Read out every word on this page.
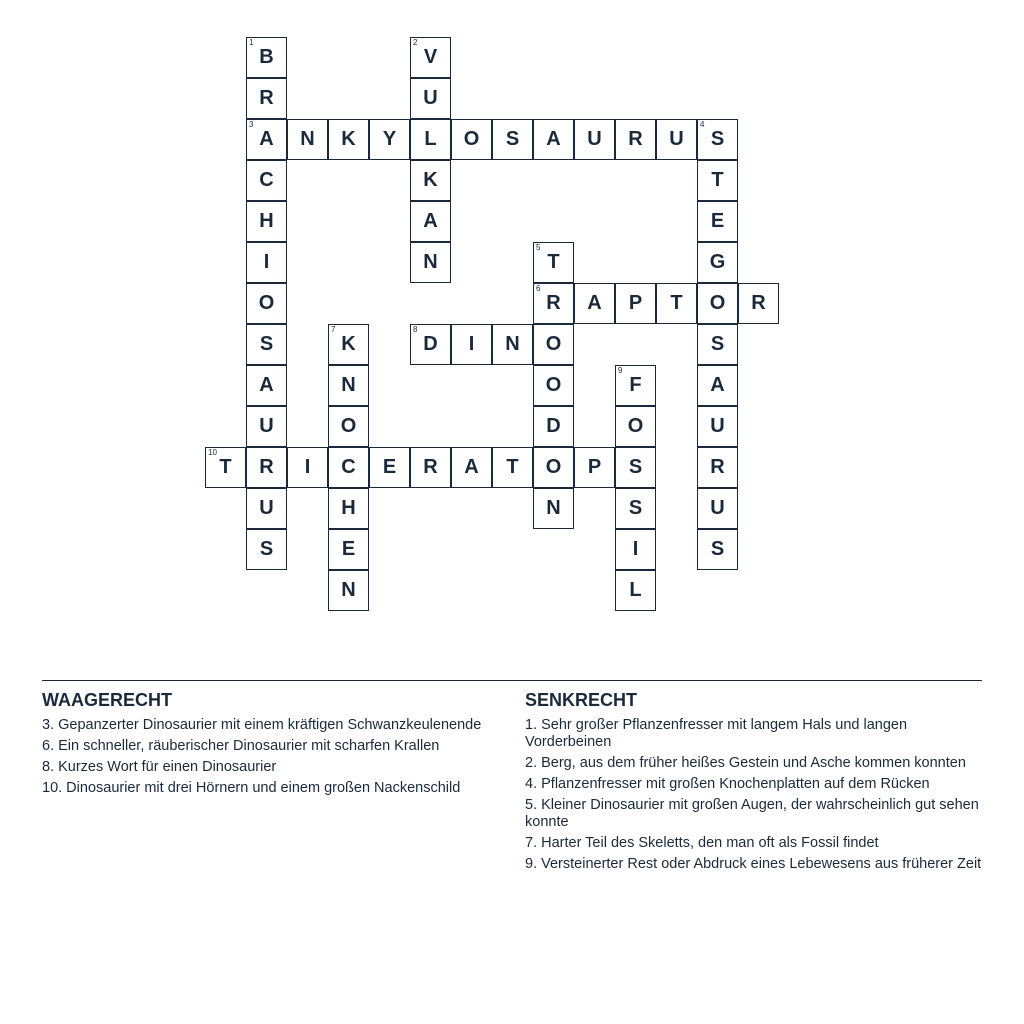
1
B
R
3
A
C
H
I
O
S
A
U
R
U
S
2
V
U
L
K
A
N
N	K	Y	O	S	A	U	R	U
4
S
T
E
G
O
S
A
U
R
U
S
5
T
6
R
O
O
D
O
N
A	P	T	R
7
K
N
O
C
H
E
N
8
D	I	N
9
F
O
S
S
I
L
10
T	I	E	R	A	T	P
WAAGERECHT
3. Gepanzerter Dinosaurier mit einem kräftigen Schwanzkeulenende
6. Ein schneller, räuberischer Dinosaurier mit scharfen Krallen
8. Kurzes Wort für einen Dinosaurier
10. Dinosaurier mit drei Hörnern und einem großen Nackenschild
SENKRECHT
1. Sehr großer Pflanzenfresser mit langem Hals und langen Vorderbeinen
2. Berg, aus dem früher heißes Gestein und Asche kommen konnten
4. Pflanzenfresser mit großen Knochenplatten auf dem Rücken
5. Kleiner Dinosaurier mit großen Augen, der wahrscheinlich gut sehen konnte
7. Harter Teil des Skeletts, den man oft als Fossil findet
9. Versteinerter Rest oder Abdruck eines Lebewesens aus früherer Zeit
